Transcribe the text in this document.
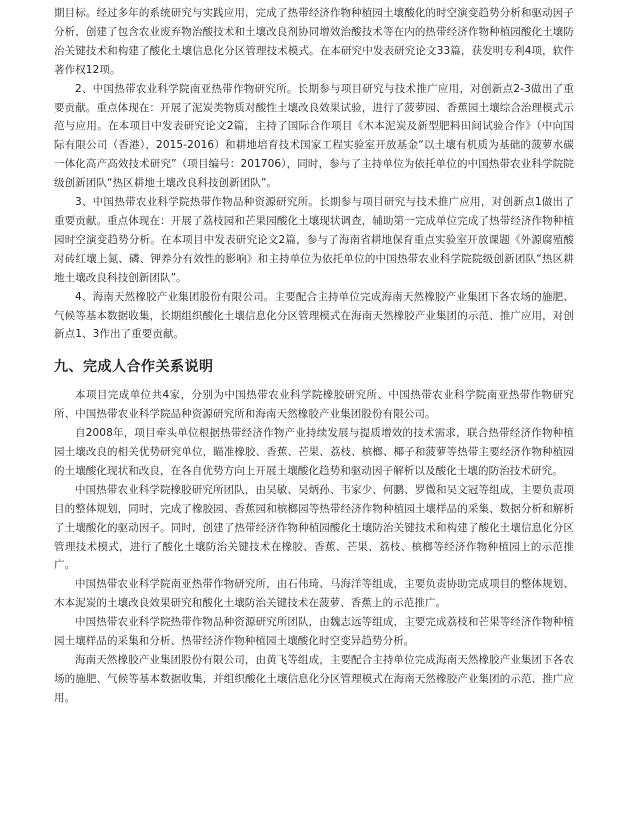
期目标。经过多年的系统研究与实践应用，完成了热带经济作物种植园土壤酸化的时空演变趋势分析和驱动因子分析，创建了包含农业废弃物治酸技术和土壤改良剂协同增效治酸技术等在内的热带经济作物种植园酸化土壤防治关键技术和构建了酸化土壤信息化分区管理技术模式。在本研究中发表研究论文33篇，获发明专利4项，软件著作权12项。

2、中国热带农业科学院南亚热带作物研究所。长期参与项目研究与技术推广应用，对创新点2-3做出了重要贡献。重点体现在：开展了泥炭类物质对酸性土壤改良效果试验，进行了菠萝园、香蕉园土壤综合治理模式示范与应用。在本项目中发表研究论文2篇，主持了国际合作项目《木本泥炭及新型肥料田间试验合作》（中向国际有限公司（香港），2015-2016）和耕地培育技术国家工程实验室开放基金“以土壤有机质为基础的菠萝水碳一体化高产高效技术研究”（项目编号：201706），同时，参与了主持单位为依托单位的中国热带农业科学院院级创新团队“热区耕地土壤改良科技创新团队”。

3、中国热带农业科学院热带作物品种资源研究所。长期参与项目研究与技术推广应用，对创新点1做出了重要贡献。重点体现在：开展了荔枝园和芒果园酸化土壤现状调查，辅助第一完成单位完成了热带经济作物种植园时空演变趋势分析。在本项目中发表研究论文2篇，参与了海南省耕地保育重点实验室开放课题《外源腐殖酸对砖红壤上氮、磷、钾养分有效性的影响》和主持单位为依托单位的中国热带农业科学院院级创新团队“热区耕地土壤改良科技创新团队”。

4、海南天然橡胶产业集团股份有限公司。主要配合主持单位完成海南天然橡胶产业集团下各农场的施肥、气候等基本数据收集，长期组织酸化土壤信息化分区管理模式在海南天然橡胶产业集团的示范、推广应用，对创新点1、3作出了重要贡献。

九、完成人合作关系说明

本项目完成单位共4家，分别为中国热带农业科学院橡胶研究所、中国热带农业科学院南亚热带作物研究所、中国热带农业科学院品种资源研究所和海南天然橡胶产业集团股份有限公司。

自2008年，项目牵头单位根据热带经济作物产业持续发展与提质增效的技术需求，联合热带经济作物种植园土壤改良的相关优势研究单位，瞄准橡胶、香蕉、芒果、荔枝、槟榔、椰子和菠萝等热带主要经济作物种植园的土壤酸化现状和改良，在各自优势方向上开展土壤酸化趋势和驱动因子解析以及酸化土壤的防治技术研究。

中国热带农业科学院橡胶研究所团队，由吴敏、吴炳孙、韦家少、何鹏、罗微和吴文冠等组成，主要负责项目的整体规划，同时，完成了橡胶园、香蕉园和槟榔园等热带经济作物种植园土壤样品的采集、数据分析和解析了土壤酸化的驱动因子。同时，创建了热带经济作物种植园酸化土壤防治关键技术和构建了酸化土壤信息化分区管理技术模式，进行了酸化土壤防治关键技术在橡胶、香蕉、芒果、荔枝、槟榔等经济作物种植园上的示范推广。

中国热带农业科学院南亚热带作物研究所，由石伟琦、马海洋等组成，主要负责协助完成项目的整体规划、木本泥炭的土壤改良效果研究和酸化土壤防治关键技术在菠萝、香蕉上的示范推广。

中国热带农业科学院热带作物品种资源研究所团队，由魏志远等组成，主要完成荔枝和芒果等经济作物种植园土壤样品的采集和分析、热带经济作物种植园土壤酸化时空变异趋势分析。

海南天然橡胶产业集团股份有限公司，由黄飞等组成，主要配合主持单位完成海南天然橡胶产业集团下各农场的施肥、气候等基本数据收集，并组织酸化土壤信息化分区管理模式在海南天然橡胶产业集团的示范、推广应用。
